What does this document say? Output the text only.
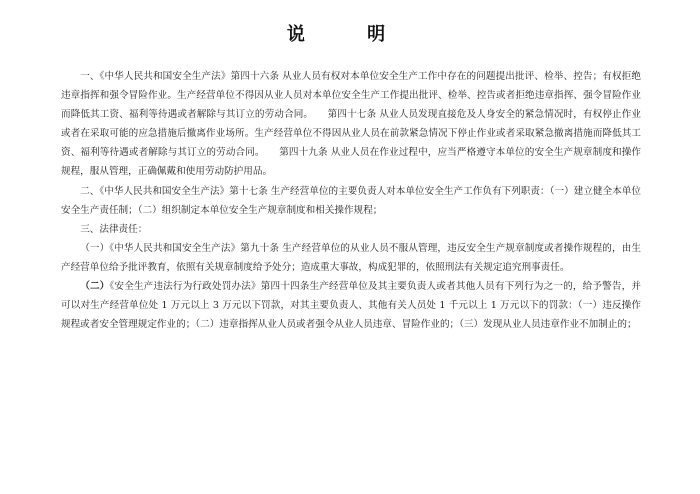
说 明

一、《中华人民共和国安全生产法》第四十六条 从业人员有权对本单位安全生产工作中存在的问题提出批评、检举、控告；有权拒绝违章指挥和强令冒险作业。生产经营单位不得因从业人员对本单位安全生产工作提出批评、检举、控告或者拒绝违章指挥、强令冒险作业而降低其工资、福利等待遇或者解除与其订立的劳动合同。　　第四十七条 从业人员发现直接危及人身安全的紧急情况时，有权停止作业或者在采取可能的应急措施后撤离作业场所。生产经营单位不得因从业人员在前款紧急情况下停止作业或者采取紧急撤离措施而降低其工资、福利等待遇或者解除与其订立的劳动合同。　　第四十九条 从业人员在作业过程中，应当严格遵守本单位的安全生产规章制度和操作规程，服从管理，正确佩戴和使用劳动防护用品。

二、《中华人民共和国安全生产法》第十七条 生产经营单位的主要负责人对本单位安全生产工作负有下列职责：（一）建立健全本单位安全生产责任制；（二）组织制定本单位安全生产规章制度和相关操作规程；

三、法律责任：

（一）《中华人民共和国安全生产法》第九十条 生产经营单位的从业人员不服从管理，违反安全生产规章制度或者操作规程的，由生产经营单位给予批评教育，依照有关规章制度给予处分；造成重大事故，构成犯罪的，依照刑法有关规定追究刑事责任。

（二）《安全生产违法行为行政处罚办法》第四十四条生产经营单位及其主要负责人或者其他人员有下列行为之一的，给予警告，并可以对生产经营单位处 1 万元以上 3 万元以下罚款，对其主要负责人、其他有关人员处 1 千元以上 1 万元以下的罚款：（一）违反操作规程或者安全管理规定作业的；（二）违章指挥从业人员或者强令从业人员违章、冒险作业的；（三）发现从业人员违章作业不加制止的；
